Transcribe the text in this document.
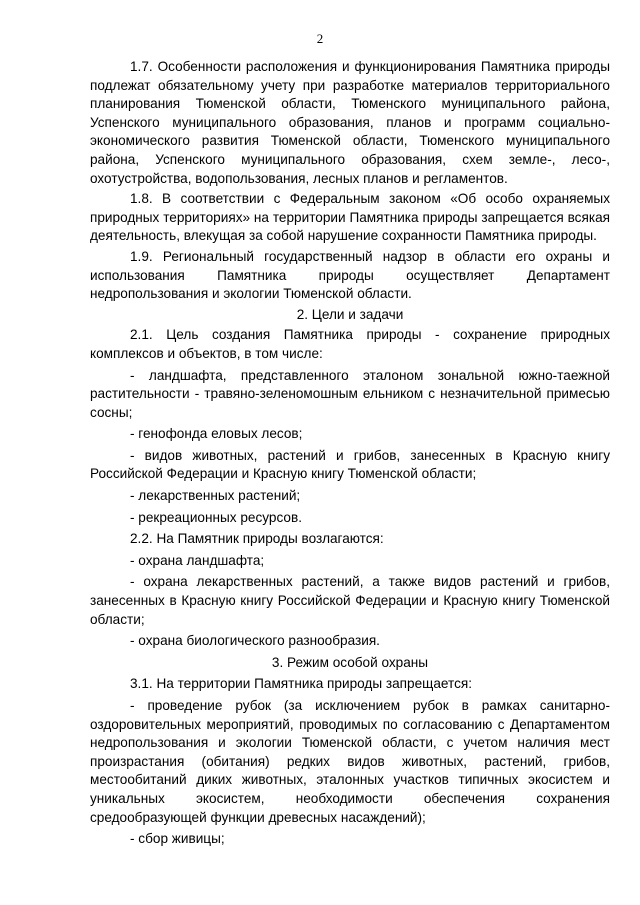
2

1.7. Особенности расположения и функционирования Памятника природы подлежат обязательному учету при разработке материалов территориального планирования Тюменской области, Тюменского муниципального района, Успенского муниципального образования, планов и программ социально-экономического развития Тюменской области, Тюменского муниципального района, Успенского муниципального образования, схем земле-, лесо-, охотустройства, водопользования, лесных планов и регламентов.

1.8. В соответствии с Федеральным законом «Об особо охраняемых природных территориях» на территории Памятника природы запрещается всякая деятельность, влекущая за собой нарушение сохранности Памятника природы.

1.9. Региональный государственный надзор в области его охраны и использования Памятника природы осуществляет Департамент недропользования и экологии Тюменской области.

2. Цели и задачи

2.1. Цель создания Памятника природы - сохранение природных комплексов и объектов, в том числе:

- ландшафта, представленного эталоном зональной южно-таежной растительности - травяно-зеленомошным ельником с незначительной примесью сосны;

- генофонда еловых лесов;

- видов животных, растений и грибов, занесенных в Красную книгу Российской Федерации и Красную книгу Тюменской области;

- лекарственных растений;

- рекреационных ресурсов.

2.2. На Памятник природы возлагаются:

- охрана ландшафта;

- охрана лекарственных растений, а также видов растений и грибов, занесенных в Красную книгу Российской Федерации и Красную книгу Тюменской области;

- охрана биологического разнообразия.

3. Режим особой охраны

3.1. На территории Памятника природы запрещается:

- проведение рубок (за исключением рубок в рамках санитарно-оздоровительных мероприятий, проводимых по согласованию с Департаментом недропользования и экологии Тюменской области, с учетом наличия мест произрастания (обитания) редких видов животных, растений, грибов, местообитаний диких животных, эталонных участков типичных экосистем и уникальных экосистем, необходимости обеспечения сохранения средообразующей функции древесных насаждений);

- сбор живицы;
